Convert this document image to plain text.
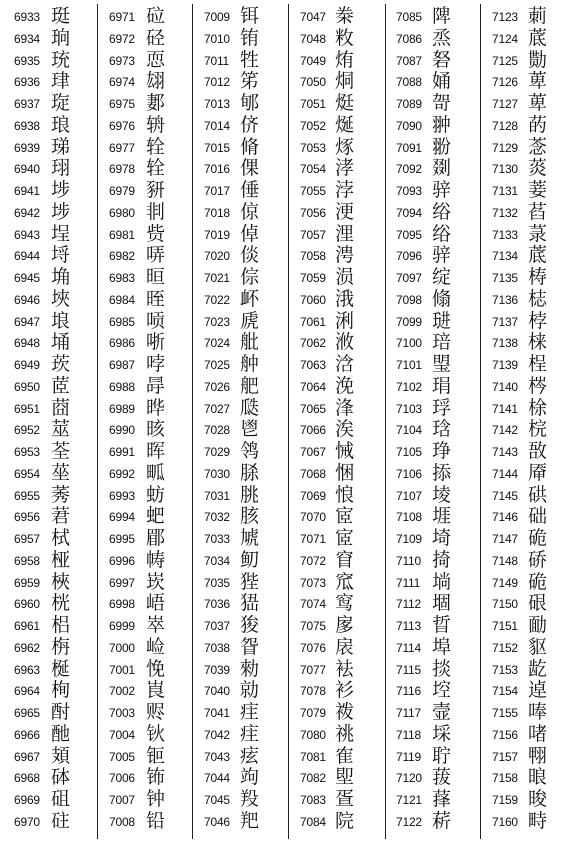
6933 珽
6934 珦
6935 珫
6936 珒
6937 琁
6938 琅
6939 珶
6940 珝
6941 埗
6942 埗
6943 埕
6944 埒
6945 埆
6946 埉
6947 埌
6948 埇
6949 莰
6950 茝
6951 莔
6952 莁
6953 荃
6954 莝
6955 莠
6956 莙
6957 栻
6958 桠
6959 梜
6960 桄
6961 梠
6962 栴
6963 梴
6964 栒
6965 酎
6966 酏
6967 頍
6968 砵
6969 砠
6970 砫
6971 砬
6972 硁
6973 恧
6974 翃
6975 郪
6976 辀
6977 辁
6978 辁
6979 豜
6980 剕
6981 赀
6982 哢
6983 晅
6984 晊
6985 唝
6986 哳
6987 哱
6988 冔
6989 晔
6990 晐
6991 晖
6992 畖
6993 蚄
6994 蚆
6995 郿
6996 帱
6997 崁
6998 峿
6999 崒
7000 崄
7001 悗
7002 崀
7003 赆
7004 钬
7005 钷
7006 钸
7007 钟
7008 铅
7009 铒
7010 铕
7011 牲
7012 笫
7013 郇
7014 侪
7015 脩
7016 倮
7017 倕
7018 倞
7019 倬
7020 倓
7021 倧
7022 衃
7023 虒
7024 舭
7025 舯
7026 舥
7027 瓞
7028 鬯
7029 鸰
7030 脎
7031 朓
7032 胲
7033 虓
7034 鱽
7035 狴
7036 峱
7037 狻
7038 眢
7039 勑
7040 勍
7041 疰
7042 疰
7043 痃
7044 竘
7045 羖
7046 羓
7047 桊
7048 敉
7049 烠
7050 烔
7051 烶
7052 烻
7053 烼
7054 涍
7055 浡
7056 浭
7057 浬
7058 涄
7059 涢
7060 涐
7061 浰
7062 浟
7063 浛
7064 浼
7065 浲
7066 涘
7067 悈
7068 悃
7069 悢
7070 宧
7071 宧
7072 窅
7073 窊
7074 窎
7075 扅
7076 扆
7077 袪
7078 衫
7079 袯
7080 祧
7081 隺
7082 堲
7083 疍
7084 院
7085 陴
7086 烝
7087 砮
7088 㛚
7089 哿
7090 翀
7091 翂
7092 剟
7093 骍
7094 绤
7095 绤
7096 骍
7097 绽
7098 翛
7099 琎
7100 琣
7101 琞
7102 琄
7103 琈
7104 琀
7105 琤
7106 掭
7107 堎
7108 堐
7109 埼
7110 掎
7111 埫
7112 堌
7113 晢
7114 埠
7115 掞
7116 埪
7117 壸
7118 埰
7119 聍
7120 菝
7121 萚
7122 菥
7123 莿
7124 菧
7125 勚
7126 萆
7127 萆
7128 菂
7129 菍
7130 菼
7131 菨
7132 萏
7133 菉
7134 菧
7135 梼
7136 梽
7137 桲
7138 梾
7139 桯
7140 梣
7141 梌
7142 梡
7143 敔
7144 厣
7145 硔
7146 础
7147 硊
7148 硚
7149 硊
7150 硍
7151 勔
7152 䝙
7153 龁
7154 逴
7155 唪
7156 啫
7157 翈
7158 㫰
7159 晙
7160 畤
